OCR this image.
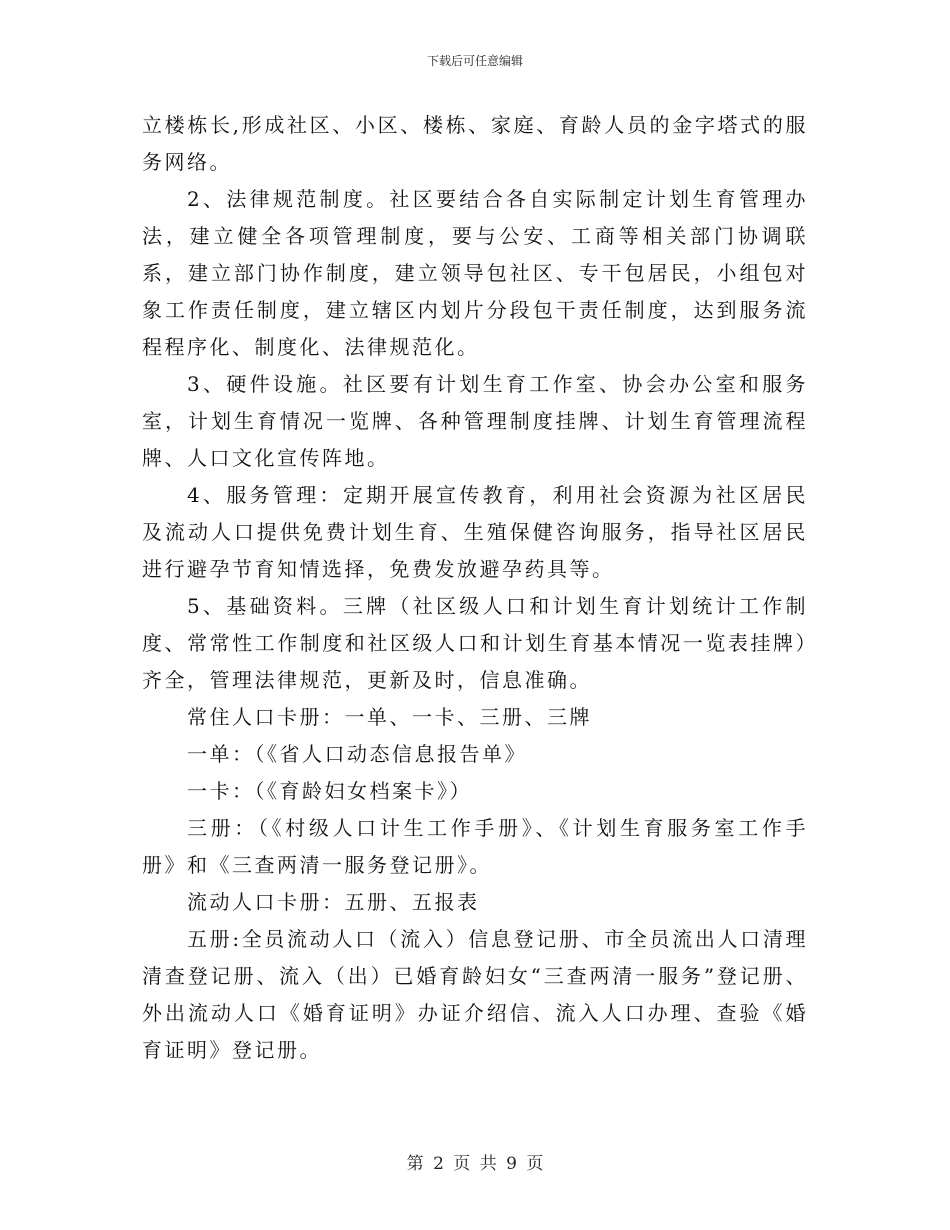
下载后可任意编辑

立楼栋长,形成社区、小区、楼栋、家庭、育龄人员的金字塔式的服务网络。

2、法律规范制度。社区要结合各自实际制定计划生育管理办法，建立健全各项管理制度，要与公安、工商等相关部门协调联系，建立部门协作制度，建立领导包社区、专干包居民，小组包对象工作责任制度，建立辖区内划片分段包干责任制度，达到服务流程程序化、制度化、法律规范化。

3、硬件设施。社区要有计划生育工作室、协会办公室和服务室，计划生育情况一览牌、各种管理制度挂牌、计划生育管理流程牌、人口文化宣传阵地。

4、服务管理：定期开展宣传教育，利用社会资源为社区居民及流动人口提供免费计划生育、生殖保健咨询服务，指导社区居民进行避孕节育知情选择，免费发放避孕药具等。

5、基础资料。三牌（社区级人口和计划生育计划统计工作制度、常常性工作制度和社区级人口和计划生育基本情况一览表挂牌）齐全，管理法律规范，更新及时，信息准确。

常住人口卡册：一单、一卡、三册、三牌

一单：（《省人口动态信息报告单》

一卡：（《育龄妇女档案卡》）

三册：（《村级人口计生工作手册》、《计划生育服务室工作手册》和《三查两清一服务登记册》。

流动人口卡册：五册、五报表

五册:全员流动人口（流入）信息登记册、市全员流出人口清理清查登记册、流入（出）已婚育龄妇女“三查两清一服务”登记册、外出流动人口《婚育证明》办证介绍信、流入人口办理、查验《婚育证明》登记册。

第 2 页 共 9 页
